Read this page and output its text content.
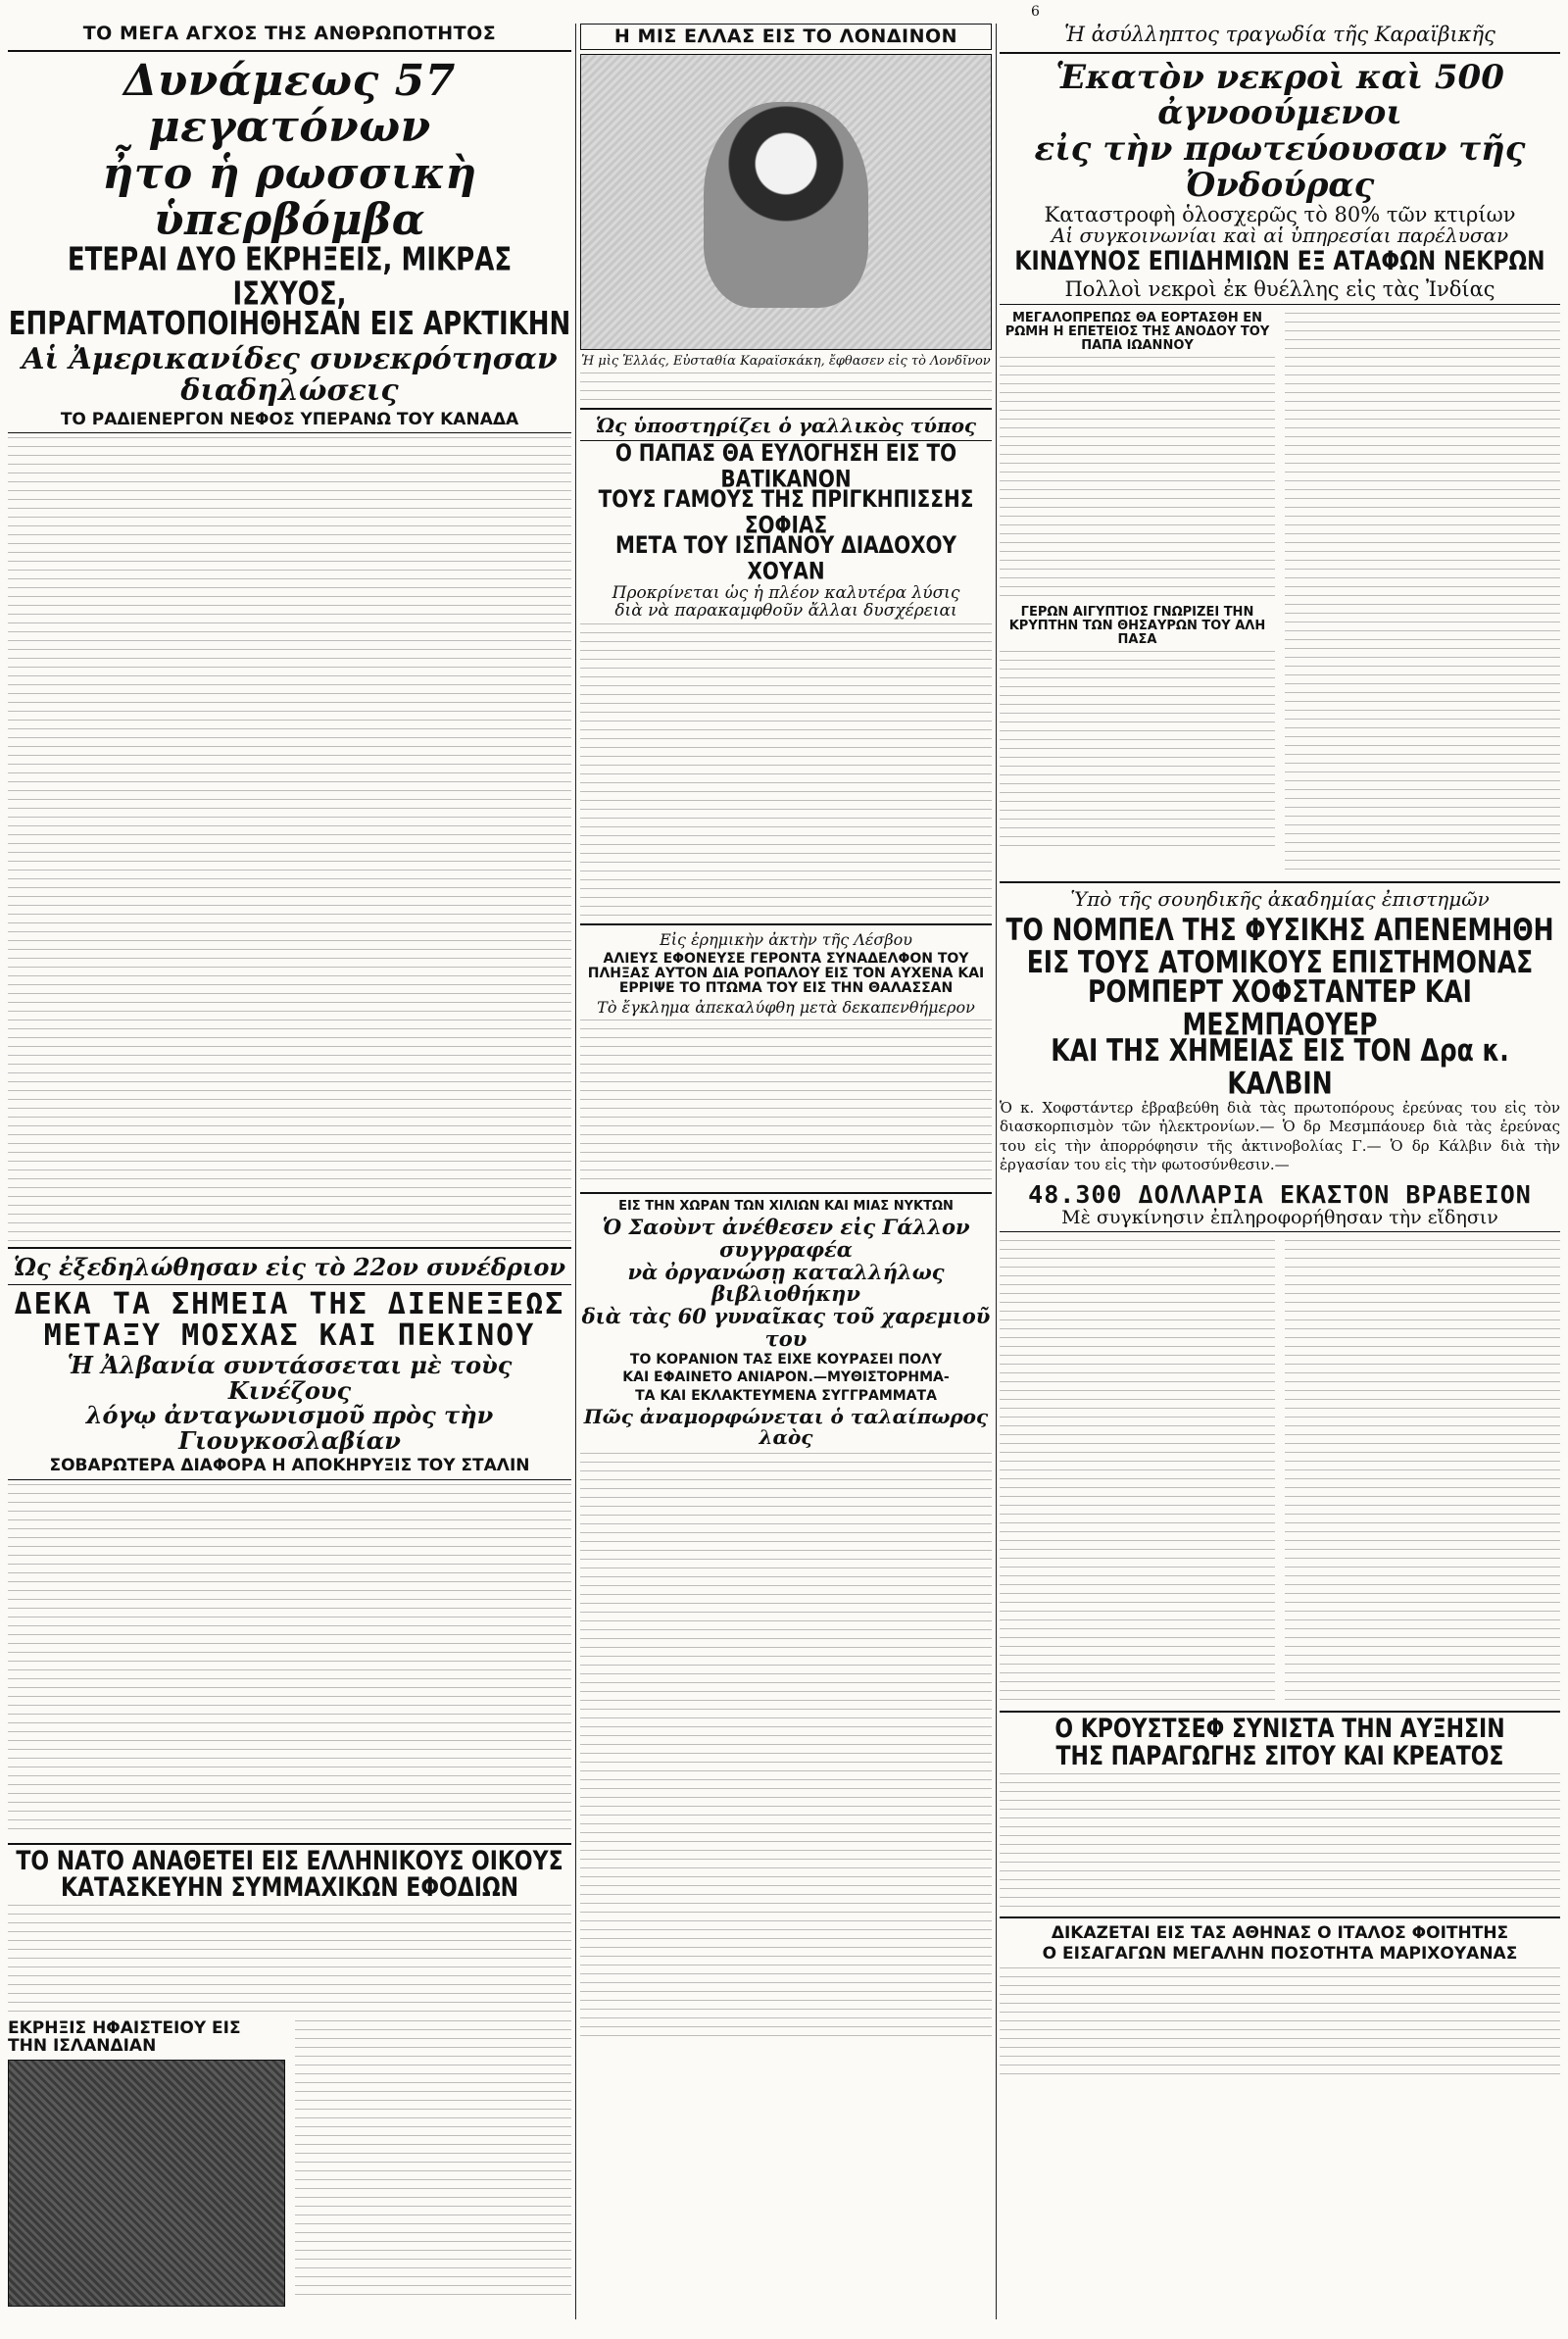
6

ΤΟ ΜΕΓΑ ΑΓΧΟΣ ΤΗΣ ΑΝΘΡΩΠΟΤΗΤΟΣ

Δυνάμεως 57 μεγατόνων

ἦτο ἡ ρωσσικὴ ὑπερβόμβα

ΕΤΕΡΑΙ ΔΥΟ ΕΚΡΗΞΕΙΣ, ΜΙΚΡΑΣ ΙΣΧΥΟΣ,

ΕΠΡΑΓΜΑΤΟΠΟΙΗΘΗΣΑΝ ΕΙΣ ΑΡΚΤΙΚΗΝ

Αἱ Ἀμερικανίδες συνεκρότησαν διαδηλώσεις

ΤΟ ΡΑΔΙΕΝΕΡΓΟΝ ΝΕΦΟΣ ΥΠΕΡΑΝΩ ΤΟΥ ΚΑΝΑΔΑ

Ὡς ἐξεδηλώθησαν εἰς τὸ 22ον συνέδριον

ΔΕΚΑ ΤΑ ΣΗΜΕΙΑ ΤΗΣ ΔΙΕΝΕΞΕΩΣ

ΜΕΤΑΞΥ ΜΟΣΧΑΣ ΚΑΙ ΠΕΚΙΝΟΥ

Ἡ Ἀλβανία συντάσσεται μὲ τοὺς Κινέζους

λόγῳ ἀνταγωνισμοῦ πρὸς τὴν Γιουγκοσλαβίαν

ΣΟΒΑΡΩΤΕΡΑ ΔΙΑΦΟΡΑ Η ΑΠΟΚΗΡΥΞΙΣ ΤΟΥ ΣΤΑΛΙΝ

ΤΟ ΝΑΤΟ ΑΝΑΘΕΤΕΙ ΕΙΣ ΕΛΛΗΝΙΚΟΥΣ ΟΙΚΟΥΣ

ΚΑΤΑΣΚΕΥΗΝ ΣΥΜΜΑΧΙΚΩΝ ΕΦΟΔΙΩΝ

ΕΚΡΗΞΙΣ ΗΦΑΙΣΤΕΙΟΥ ΕΙΣ ΤΗΝ ΙΣΛΑΝΔΙΑΝ

Η ΜΙΣ ΕΛΛΑΣ ΕΙΣ ΤΟ ΛΟΝΔΙΝΟΝ

Ἡ μὶς Ἑλλάς, Εὐσταθία Καραϊσκάκη, ἔφθασεν εἰς τὸ Λονδῖνον

Ὡς ὑποστηρίζει ὁ γαλλικὸς τύπος

Ο ΠΑΠΑΣ ΘΑ ΕΥΛΟΓΗΣΗ ΕΙΣ ΤΟ ΒΑΤΙΚΑΝΟΝ

ΤΟΥΣ ΓΑΜΟΥΣ ΤΗΣ ΠΡΙΓΚΗΠΙΣΣΗΣ ΣΟΦΙΑΣ

ΜΕΤΑ ΤΟΥ ΙΣΠΑΝΟΥ ΔΙΑΔΟΧΟΥ ΧΟΥΑΝ

Προκρίνεται ὡς ἡ πλέον καλυτέρα λύσις

διὰ νὰ παρακαμφθοῦν ἄλλαι δυσχέρειαι

Εἰς ἐρημικὴν ἀκτὴν τῆς Λέσβου

ΑΛΙΕΥΣ ΕΦΟΝΕΥΣΕ ΓΕΡΟΝΤΑ ΣΥΝΑΔΕΛΦΟΝ ΤΟΥ ΠΛΗΞΑΣ ΑΥΤΟΝ ΔΙΑ ΡΟΠΑΛΟΥ ΕΙΣ ΤΟΝ ΑΥΧΕΝΑ ΚΑΙ ΕΡΡΙΨΕ ΤΟ ΠΤΩΜΑ ΤΟΥ ΕΙΣ ΤΗΝ ΘΑΛΑΣΣΑΝ

Τὸ ἔγκλημα ἀπεκαλύφθη μετὰ δεκαπενθήμερον

ΕΙΣ ΤΗΝ ΧΩΡΑΝ ΤΩΝ ΧΙΛΙΩΝ ΚΑΙ ΜΙΑΣ ΝΥΚΤΩΝ

Ὁ Σαοὺντ ἀνέθεσεν εἰς Γάλλον συγγραφέα

νὰ ὀργανώσῃ καταλλήλως βιβλιοθήκην

διὰ τὰς 60 γυναῖκας τοῦ χαρεμιοῦ του

ΤΟ ΚΟΡΑΝΙΟΝ ΤΑΣ ΕΙΧΕ ΚΟΥΡΑΣΕΙ ΠΟΛΥ

ΚΑΙ ΕΦΑΙΝΕΤΟ ΑΝΙΑΡΟΝ.—ΜΥΘΙΣΤΟΡΗΜΑ-

ΤΑ ΚΑΙ ΕΚΛΑΚΤΕΥΜΕΝΑ ΣΥΓΓΡΑΜΜΑΤΑ

Πῶς ἀναμορφώνεται ὁ ταλαίπωρος λαὸς

Ἡ ἀσύλληπτος τραγωδία τῆς Καραϊβικῆς

Ἑκατὸν νεκροὶ καὶ 500 ἀγνοούμενοι

εἰς τὴν πρωτεύουσαν τῆς Ὀνδούρας

Καταστροφὴ ὁλοσχερῶς τὸ 80% τῶν κτιρίων

Αἱ συγκοινωνίαι καὶ αἱ ὑπηρεσίαι παρέλυσαν

ΚΙΝΔΥΝΟΣ ΕΠΙΔΗΜΙΩΝ ΕΞ ΑΤΑΦΩΝ ΝΕΚΡΩΝ

Πολλοὶ νεκροὶ ἐκ θυέλλης εἰς τὰς Ἰνδίας

ΜΕΓΑΛΟΠΡΕΠΩΣ ΘΑ ΕΟΡΤΑΣΘΗ ΕΝ ΡΩΜΗ Η ΕΠΕΤΕΙΟΣ ΤΗΣ ΑΝΟΔΟΥ ΤΟΥ ΠΑΠΑ ΙΩΑΝΝΟΥ

ΓΕΡΩΝ ΑΙΓΥΠΤΙΟΣ ΓΝΩΡΙΖΕΙ ΤΗΝ ΚΡΥΠΤΗΝ ΤΩΝ ΘΗΣΑΥΡΩΝ ΤΟΥ ΑΛΗ ΠΑΣΑ

Ὑπὸ τῆς σουηδικῆς ἀκαδημίας ἐπιστημῶν

ΤΟ ΝΟΜΠΕΛ ΤΗΣ ΦΥΣΙΚΗΣ ΑΠΕΝΕΜΗΘΗ

ΕΙΣ ΤΟΥΣ ΑΤΟΜΙΚΟΥΣ ΕΠΙΣΤΗΜΟΝΑΣ

ΡΟΜΠΕΡΤ ΧΟΦΣΤΑΝΤΕΡ ΚΑΙ ΜΕΣΜΠΑΟΥΕΡ

ΚΑΙ ΤΗΣ ΧΗΜΕΙΑΣ ΕΙΣ ΤΟΝ Δρα κ. ΚΑΛΒΙΝ

Ὁ κ. Χοφστάντερ ἐβραβεύθη διὰ τὰς πρωτοπόρους ἐρεύνας του εἰς τὸν διασκορπισμὸν τῶν ἠλεκτρονίων.— Ὁ δρ Μεσμπάουερ διὰ τὰς ἐρεύνας του εἰς τὴν ἀπορρόφησιν τῆς ἀκτινοβολίας Γ.— Ὁ δρ Κάλβιν διὰ τὴν ἐργασίαν του εἰς τὴν φωτοσύνθεσιν.—

48.300 ΔΟΛΛΑΡΙΑ ΕΚΑΣΤΟΝ ΒΡΑΒΕΙΟΝ

Μὲ συγκίνησιν ἐπληροφορήθησαν τὴν εἴδησιν

Ο ΚΡΟΥΣΤΣΕΦ ΣΥΝΙΣΤΑ ΤΗΝ ΑΥΞΗΣΙΝ

ΤΗΣ ΠΑΡΑΓΩΓΗΣ ΣΙΤΟΥ ΚΑΙ ΚΡΕΑΤΟΣ

ΔΙΚΑΖΕΤΑΙ ΕΙΣ ΤΑΣ ΑΘΗΝΑΣ Ο ΙΤΑΛΟΣ ΦΟΙΤΗΤΗΣ

Ο ΕΙΣΑΓΑΓΩΝ ΜΕΓΑΛΗΝ ΠΟΣΟΤΗΤΑ ΜΑΡΙΧΟΥΑΝΑΣ
